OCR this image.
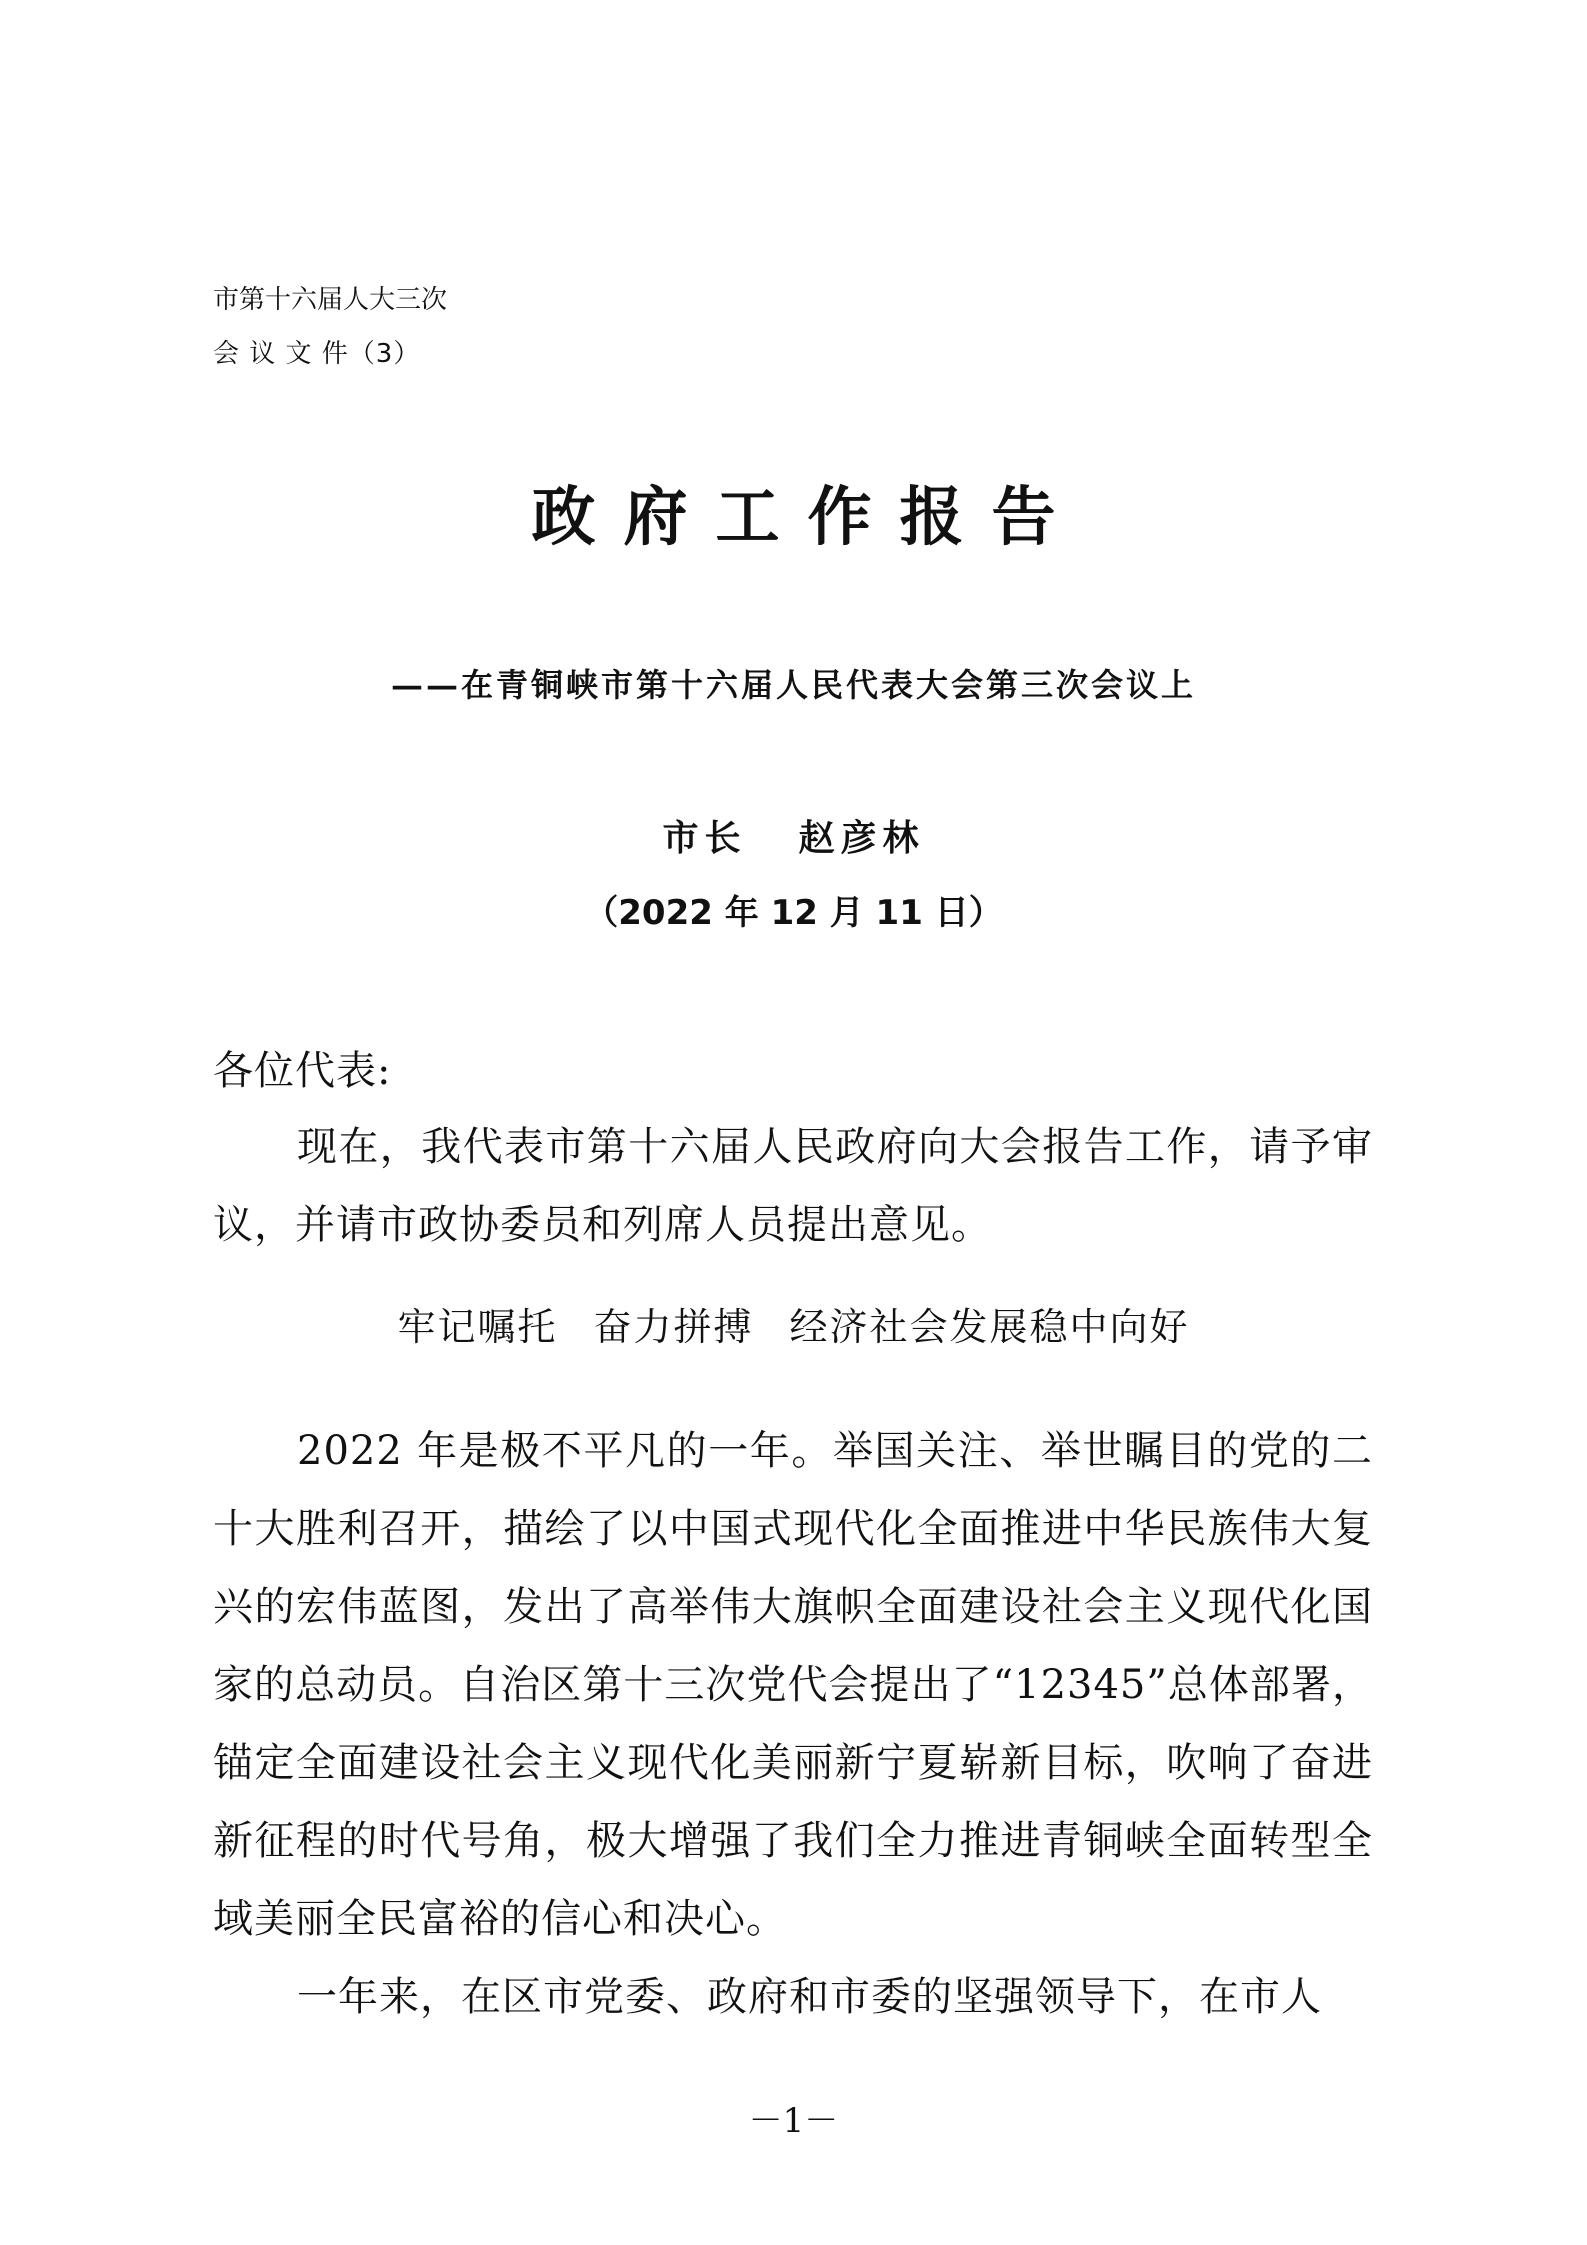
市第十六届人大三次
会 议 文 件（3）
政府工作报告
——在青铜峡市第十六届人民代表大会第三次会议上
市长 赵彦林
（2022 年 12 月 11 日）
各位代表:

现在，我代表市第十六届人民政府向大会报告工作，请予审议，并请市政协委员和列席人员提出意见。

牢记嘱托 奋力拼搏 经济社会发展稳中向好

2022 年是极不平凡的一年。举国关注、举世瞩目的党的二十大胜利召开，描绘了以中国式现代化全面推进中华民族伟大复兴的宏伟蓝图，发出了高举伟大旗帜全面建设社会主义现代化国家的总动员。自治区第十三次党代会提出了“12345”总体部署，锚定全面建设社会主义现代化美丽新宁夏崭新目标，吹响了奋进新征程的时代号角，极大增强了我们全力推进青铜峡全面转型全域美丽全民富裕的信心和决心。

一年来，在区市党委、政府和市委的坚强领导下，在市人

－1－
